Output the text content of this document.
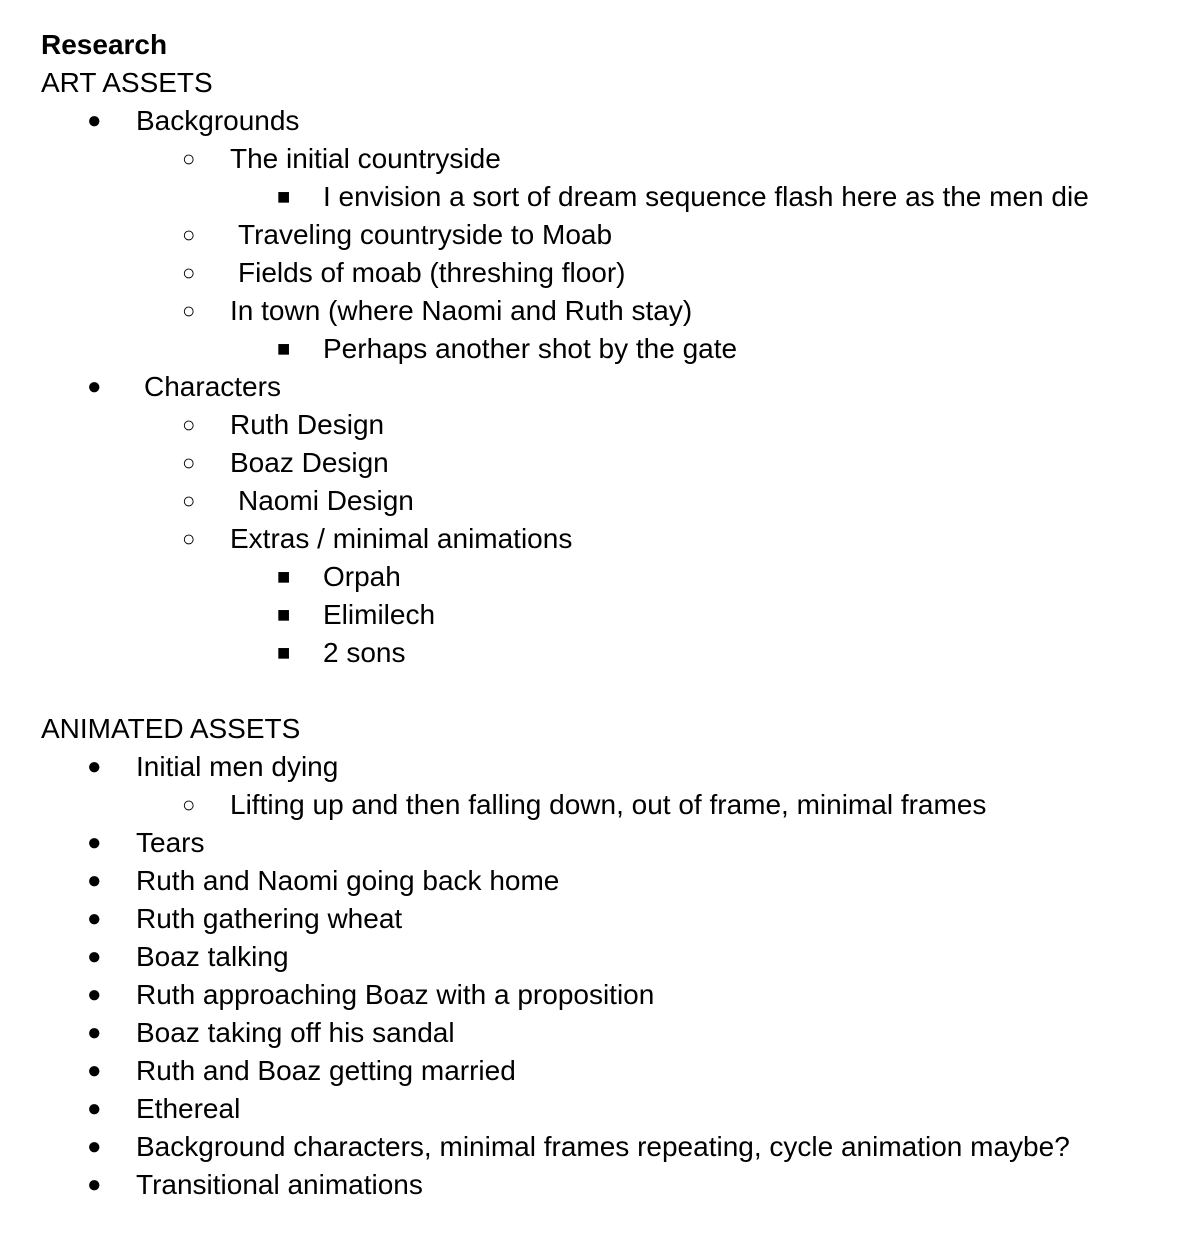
Research
ART ASSETS
● Backgrounds
○ The initial countryside
■ I envision a sort of dream sequence flash here as the men die
○ Traveling countryside to Moab
○ Fields of moab (threshing floor)
○ In town (where Naomi and Ruth stay)
■ Perhaps another shot by the gate
● Characters
○ Ruth Design
○ Boaz Design
○ Naomi Design
○ Extras / minimal animations
■ Orpah
■ Elimilech
■ 2 sons
ANIMATED ASSETS
● Initial men dying
○ Lifting up and then falling down, out of frame, minimal frames
● Tears
● Ruth and Naomi going back home
● Ruth gathering wheat
● Boaz talking
● Ruth approaching Boaz with a proposition
● Boaz taking off his sandal
● Ruth and Boaz getting married
● Ethereal
● Background characters, minimal frames repeating, cycle animation maybe?
● Transitional animations
